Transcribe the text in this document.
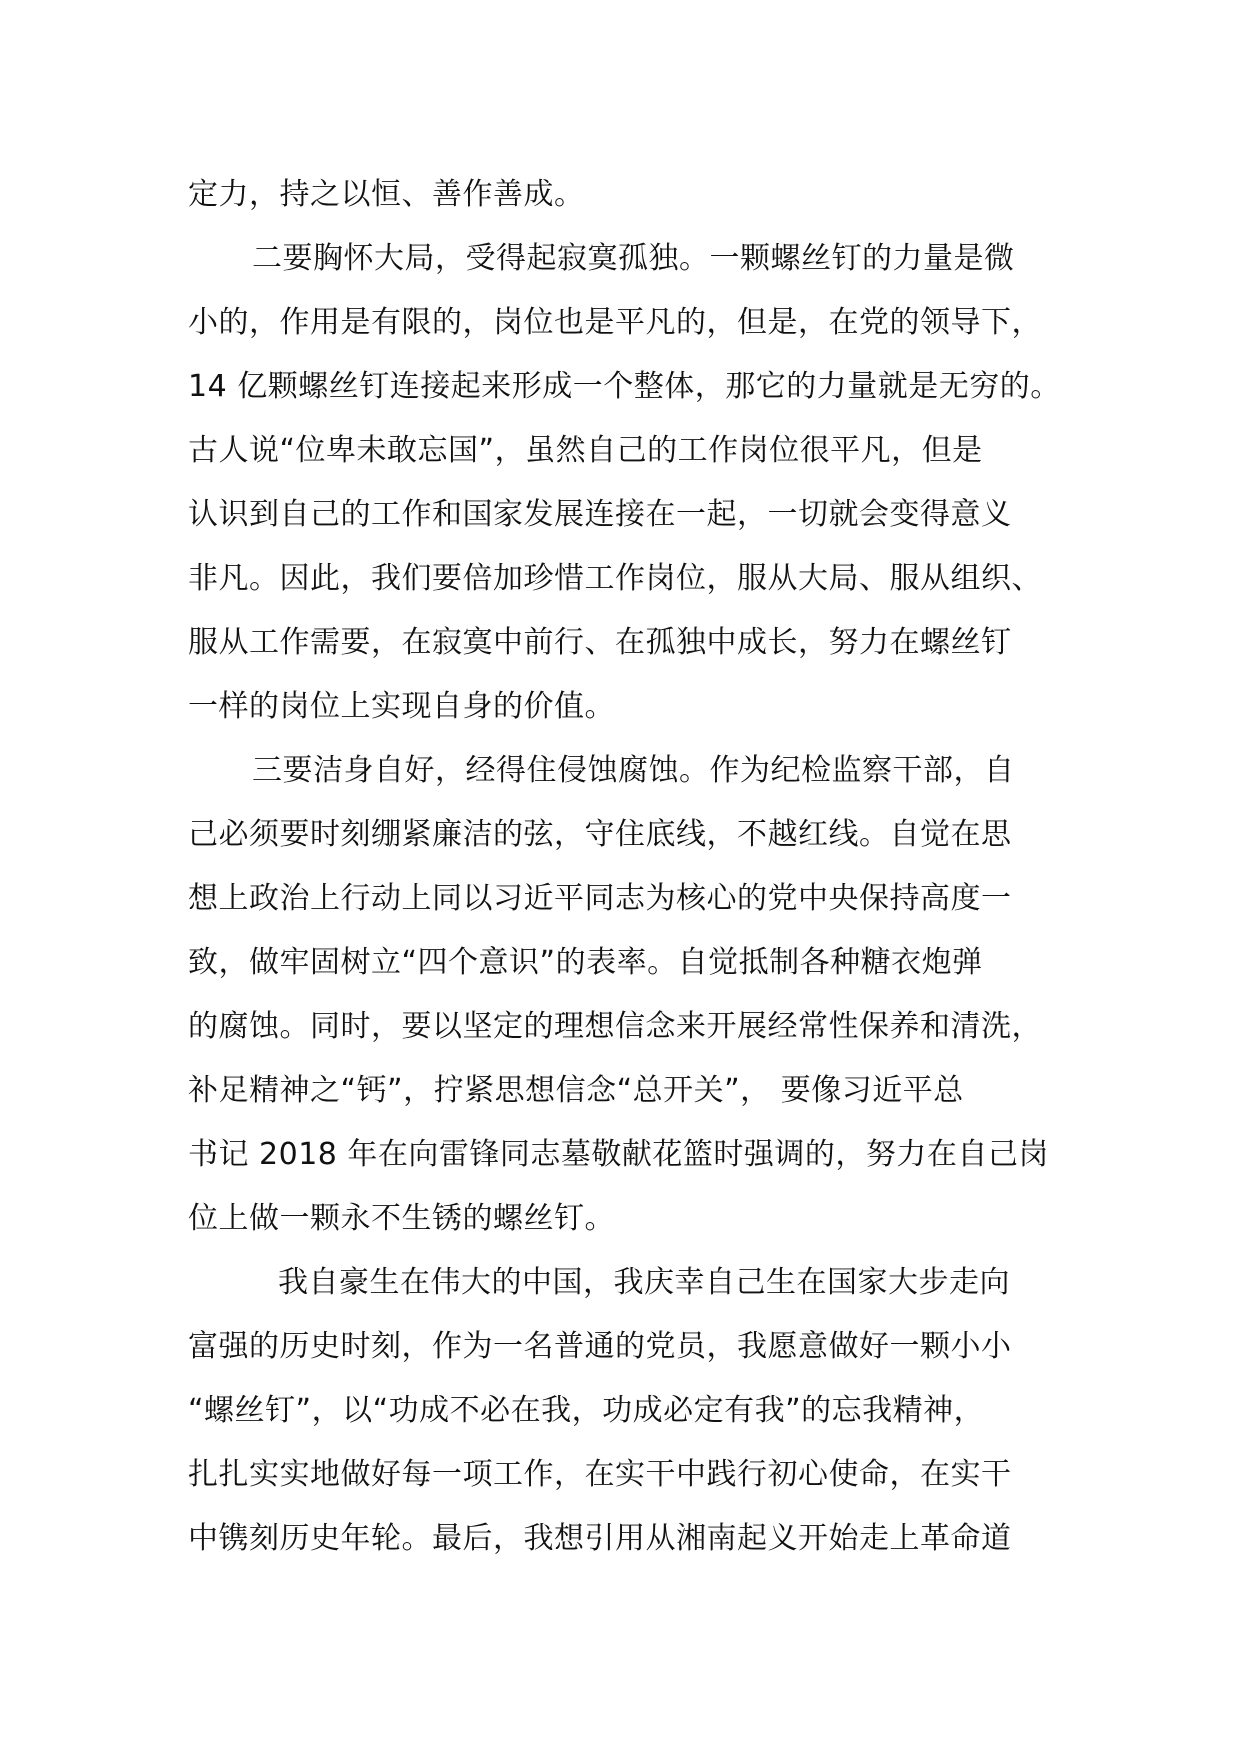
定力，持之以恒、善作善成。
二要胸怀大局，受得起寂寞孤独。一颗螺丝钉的力量是微
小的，作用是有限的，岗位也是平凡的，但是，在党的领导下，
14 亿颗螺丝钉连接起来形成一个整体，那它的力量就是无穷的。
古人说“位卑未敢忘国”，虽然自己的工作岗位很平凡，但是
认识到自己的工作和国家发展连接在一起，一切就会变得意义
非凡。因此，我们要倍加珍惜工作岗位，服从大局、服从组织、
服从工作需要，在寂寞中前行、在孤独中成长，努力在螺丝钉
一样的岗位上实现自身的价值。
三要洁身自好，经得住侵蚀腐蚀。作为纪检监察干部，自
己必须要时刻绷紧廉洁的弦，守住底线，不越红线。自觉在思
想上政治上行动上同以习近平同志为核心的党中央保持高度一
致，做牢固树立“四个意识”的表率。自觉抵制各种糖衣炮弹
的腐蚀。同时，要以坚定的理想信念来开展经常性保养和清洗，
补足精神之“钙”，拧紧思想信念“总开关”， 要像习近平总
书记 2018 年在向雷锋同志墓敬献花篮时强调的，努力在自己岗
位上做一颗永不生锈的螺丝钉。
我自豪生在伟大的中国，我庆幸自己生在国家大步走向
富强的历史时刻，作为一名普通的党员，我愿意做好一颗小小
“螺丝钉”，以“功成不必在我，功成必定有我”的忘我精神，
扎扎实实地做好每一项工作，在实干中践行初心使命，在实干
中镌刻历史年轮。最后，我想引用从湘南起义开始走上革命道
